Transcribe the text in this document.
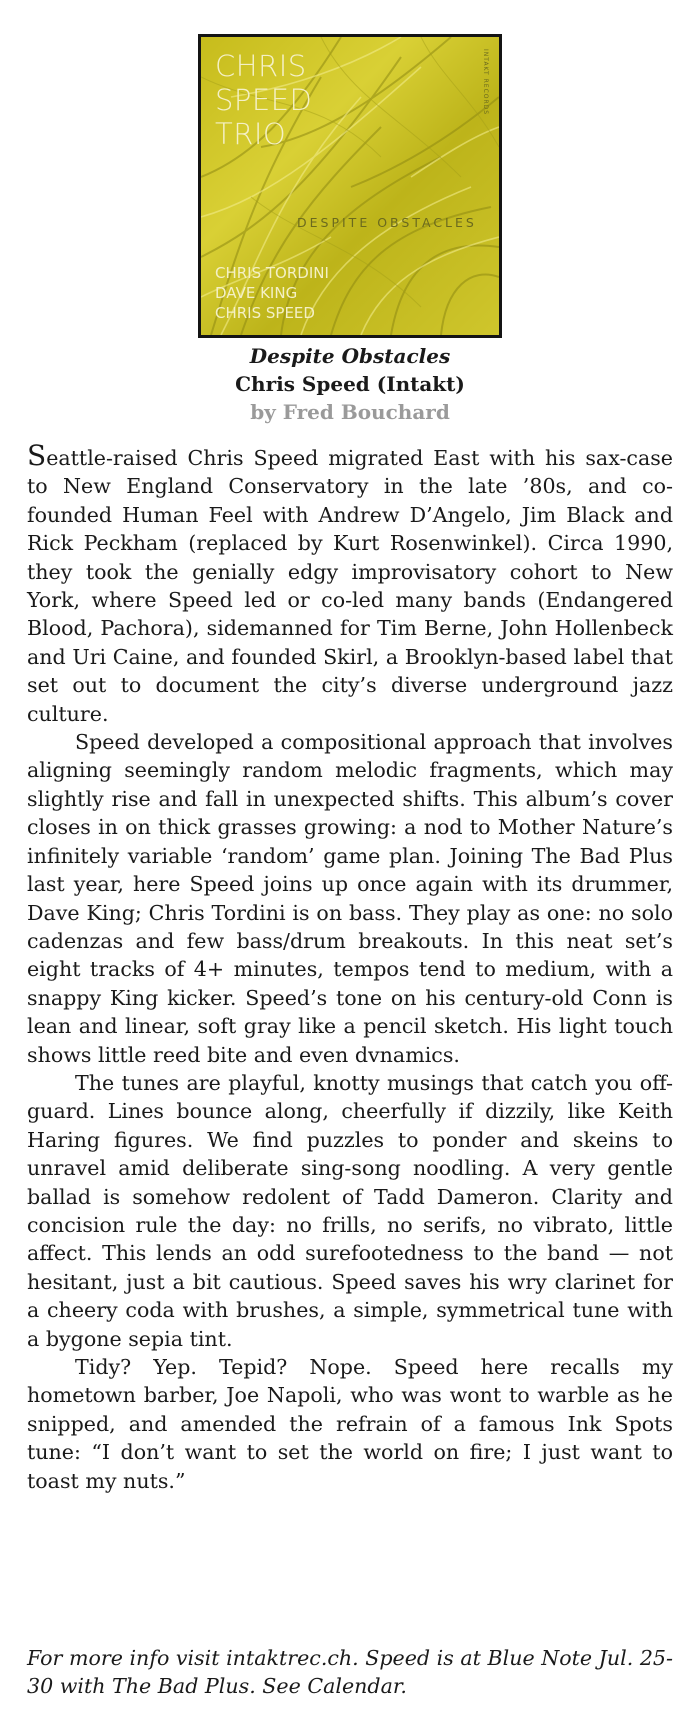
CHRIS
SPEED
TRIO
INTAKT RECORDS
DESPITE OBSTACLES
CHRIS TORDINI
DAVE KING
CHRIS SPEED
Despite Obstacles
Chris Speed (Intakt)
by Fred Bouchard

Seattle-raised Chris Speed migrated East with his sax-case to New England Conservatory in the late ’80s, and co-founded Human Feel with Andrew D’Angelo, Jim Black and Rick Peckham (replaced by Kurt Rosenwinkel). Circa 1990, they took the genially edgy improvisatory cohort to New York, where Speed led or co-led many bands (Endangered Blood, Pachora), sidemanned for Tim Berne, John Hollenbeck and Uri Caine, and founded Skirl, a Brooklyn-based label that set out to document the city’s diverse underground jazz culture.

Speed developed a compositional approach that involves aligning seemingly random melodic fragments, which may slightly rise and fall in unexpected shifts. This album’s cover closes in on thick grasses growing: a nod to Mother Nature’s infinitely variable ‘random’ game plan. Joining The Bad Plus last year, here Speed joins up once again with its drummer, Dave King; Chris Tordini is on bass. They play as one: no solo cadenzas and few bass/drum breakouts. In this neat set’s eight tracks of 4+ minutes, tempos tend to medium, with a snappy King kicker. Speed’s tone on his century-old Conn is lean and linear, soft gray like a pencil sketch. His light touch shows little reed bite and even dvnamics.

The tunes are playful, knotty musings that catch you off-guard. Lines bounce along, cheerfully if dizzily, like Keith Haring figures. We find puzzles to ponder and skeins to unravel amid deliberate sing-song noodling. A very gentle ballad is somehow redolent of Tadd Dameron. Clarity and concision rule the day: no frills, no serifs, no vibrato, little affect. This lends an odd surefootedness to the band — not hesitant, just a bit cautious. Speed saves his wry clarinet for a cheery coda with brushes, a simple, symmetrical tune with a bygone sepia tint.

Tidy? Yep. Tepid? Nope. Speed here recalls my hometown barber, Joe Napoli, who was wont to warble as he snipped, and amended the refrain of a famous Ink Spots tune: “I don’t want to set the world on fire; I just want to toast my nuts.”

For more info visit intaktrec.ch. Speed is at Blue Note Jul. 25-30 with The Bad Plus. See Calendar.
